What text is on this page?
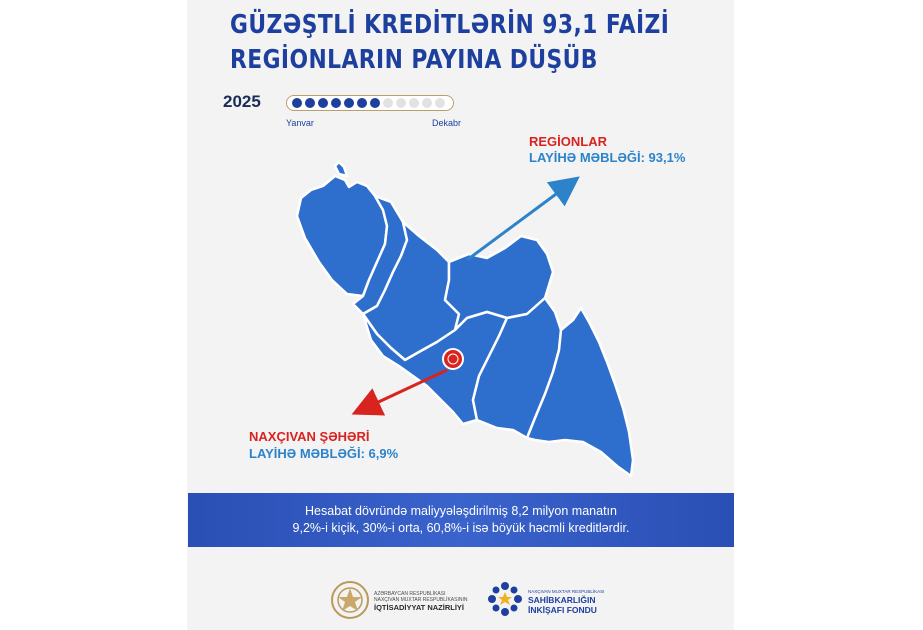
GÜZƏŞTLİ KREDİTLƏRİN 93,1 FAİZİ
REGİONLARIN PAYINA DÜŞÜB

2025

Yanvar	Dekabr

REGİONLAR

LAYİHƏ MƏBLƏĞİ: 93,1%

NAXÇIVAN ŞƏHƏRİ

LAYİHƏ MƏBLƏĞİ: 6,9%

Hesabat dövründə maliyyələşdirilmiş 8,2 milyon manatın

9,2%-i kiçik, 30%-i orta, 60,8%-i isə böyük həcmli kreditlərdir.

AZƏRBAYCAN RESPUBLİKASI

NAXÇIVAN MUXTAR RESPUBLİKASININ

İQTİSADİYYAT NAZİRLİYİ

NAXÇIVAN MUXTAR RESPUBLİKASI

SAHİBKARLIĞIN

İNKİŞAFI FONDU
